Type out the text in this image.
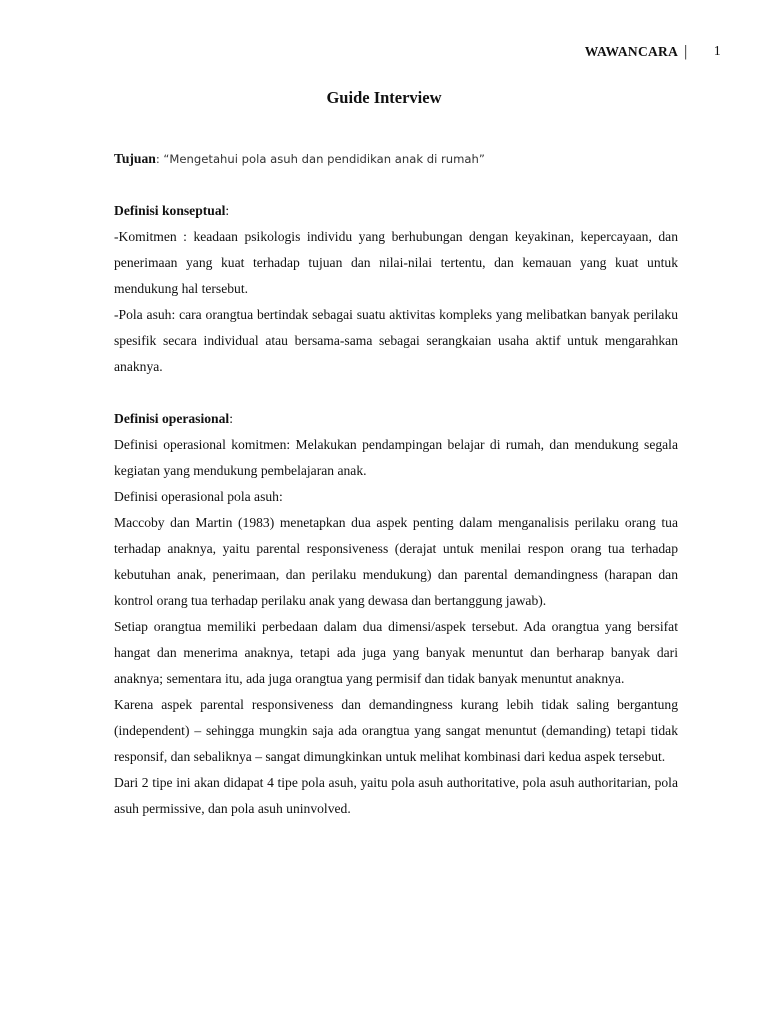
WAWANCARA | 1
Guide Interview

Tujuan: “Mengetahui pola asuh dan pendidikan anak di rumah”

Definisi konseptual:

-Komitmen : keadaan psikologis individu yang berhubungan dengan keyakinan, kepercayaan, dan penerimaan yang kuat terhadap tujuan dan nilai-nilai tertentu, dan kemauan yang kuat untuk mendukung hal tersebut.

-Pola asuh: cara orangtua bertindak sebagai suatu aktivitas kompleks yang melibatkan banyak perilaku spesifik secara individual atau bersama-sama sebagai serangkaian usaha aktif untuk mengarahkan anaknya.

Definisi operasional:

Definisi operasional komitmen: Melakukan pendampingan belajar di rumah, dan mendukung segala kegiatan yang mendukung pembelajaran anak.

Definisi operasional pola asuh:

Maccoby dan Martin (1983) menetapkan dua aspek penting dalam menganalisis perilaku orang tua terhadap anaknya, yaitu parental responsiveness (derajat untuk menilai respon orang tua terhadap kebutuhan anak, penerimaan, dan perilaku mendukung) dan parental demandingness (harapan dan kontrol orang tua terhadap perilaku anak yang dewasa dan bertanggung jawab).

Setiap orangtua memiliki perbedaan dalam dua dimensi/aspek tersebut. Ada orangtua yang bersifat hangat dan menerima anaknya, tetapi ada juga yang banyak menuntut dan berharap banyak dari anaknya; sementara itu, ada juga orangtua yang permisif dan tidak banyak menuntut anaknya.

Karena aspek parental responsiveness dan demandingness kurang lebih tidak saling bergantung (independent) – sehingga mungkin saja ada orangtua yang sangat menuntut (demanding) tetapi tidak responsif, dan sebaliknya – sangat dimungkinkan untuk melihat kombinasi dari kedua aspek tersebut.

Dari 2 tipe ini akan didapat 4 tipe pola asuh, yaitu pola asuh authoritative, pola asuh authoritarian, pola asuh permissive, dan pola asuh uninvolved.
